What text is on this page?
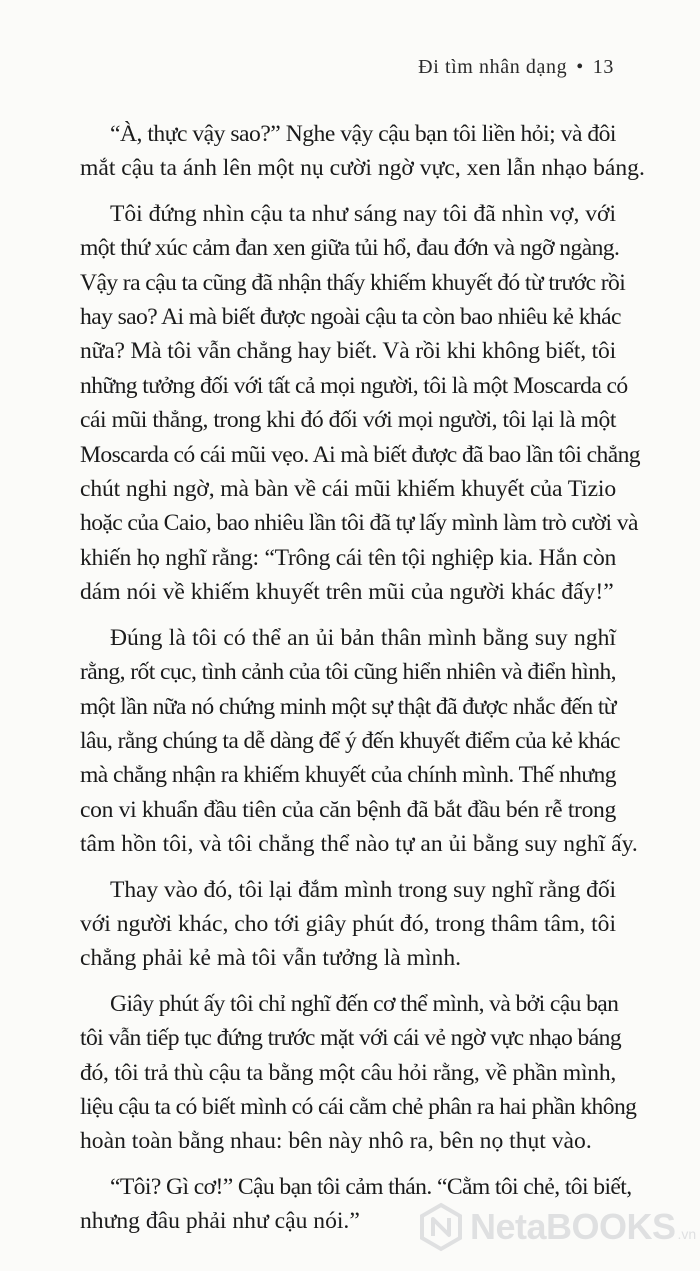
Đi tìm nhân dạng • 13

“À, thực vậy sao?” Nghe vậy cậu bạn tôi liền hỏi; và đôi
mắt cậu ta ánh lên một nụ cười ngờ vực, xen lẫn nhạo báng.

Tôi đứng nhìn cậu ta như sáng nay tôi đã nhìn vợ, với
một thứ xúc cảm đan xen giữa tủi hổ, đau đớn và ngỡ ngàng.
Vậy ra cậu ta cũng đã nhận thấy khiếm khuyết đó từ trước rồi
hay sao? Ai mà biết được ngoài cậu ta còn bao nhiêu kẻ khác
nữa? Mà tôi vẫn chẳng hay biết. Và rồi khi không biết, tôi
những tưởng đối với tất cả mọi người, tôi là một Moscarda có
cái mũi thẳng, trong khi đó đối với mọi người, tôi lại là một
Moscarda có cái mũi vẹo. Ai mà biết được đã bao lần tôi chẳng
chút nghi ngờ, mà bàn về cái mũi khiếm khuyết của Tizio
hoặc của Caio, bao nhiêu lần tôi đã tự lấy mình làm trò cười và
khiến họ nghĩ rằng: “Trông cái tên tội nghiệp kia. Hắn còn
dám nói về khiếm khuyết trên mũi của người khác đấy!”

Đúng là tôi có thể an ủi bản thân mình bằng suy nghĩ
rằng, rốt cục, tình cảnh của tôi cũng hiển nhiên và điển hình,
một lần nữa nó chứng minh một sự thật đã được nhắc đến từ
lâu, rằng chúng ta dễ dàng để ý đến khuyết điểm của kẻ khác
mà chẳng nhận ra khiếm khuyết của chính mình. Thế nhưng
con vi khuẩn đầu tiên của căn bệnh đã bắt đầu bén rễ trong
tâm hồn tôi, và tôi chẳng thể nào tự an ủi bằng suy nghĩ ấy.

Thay vào đó, tôi lại đắm mình trong suy nghĩ rằng đối
với người khác, cho tới giây phút đó, trong thâm tâm, tôi
chẳng phải kẻ mà tôi vẫn tưởng là mình.

Giây phút ấy tôi chỉ nghĩ đến cơ thể mình, và bởi cậu bạn
tôi vẫn tiếp tục đứng trước mặt với cái vẻ ngờ vực nhạo báng
đó, tôi trả thù cậu ta bằng một câu hỏi rằng, về phần mình,
liệu cậu ta có biết mình có cái cằm chẻ phân ra hai phần không
hoàn toàn bằng nhau: bên này nhô ra, bên nọ thụt vào.

“Tôi? Gì cơ!” Cậu bạn tôi cảm thán. “Cằm tôi chẻ, tôi biết,
nhưng đâu phải như cậu nói.”	NetaBOOKS .vn
